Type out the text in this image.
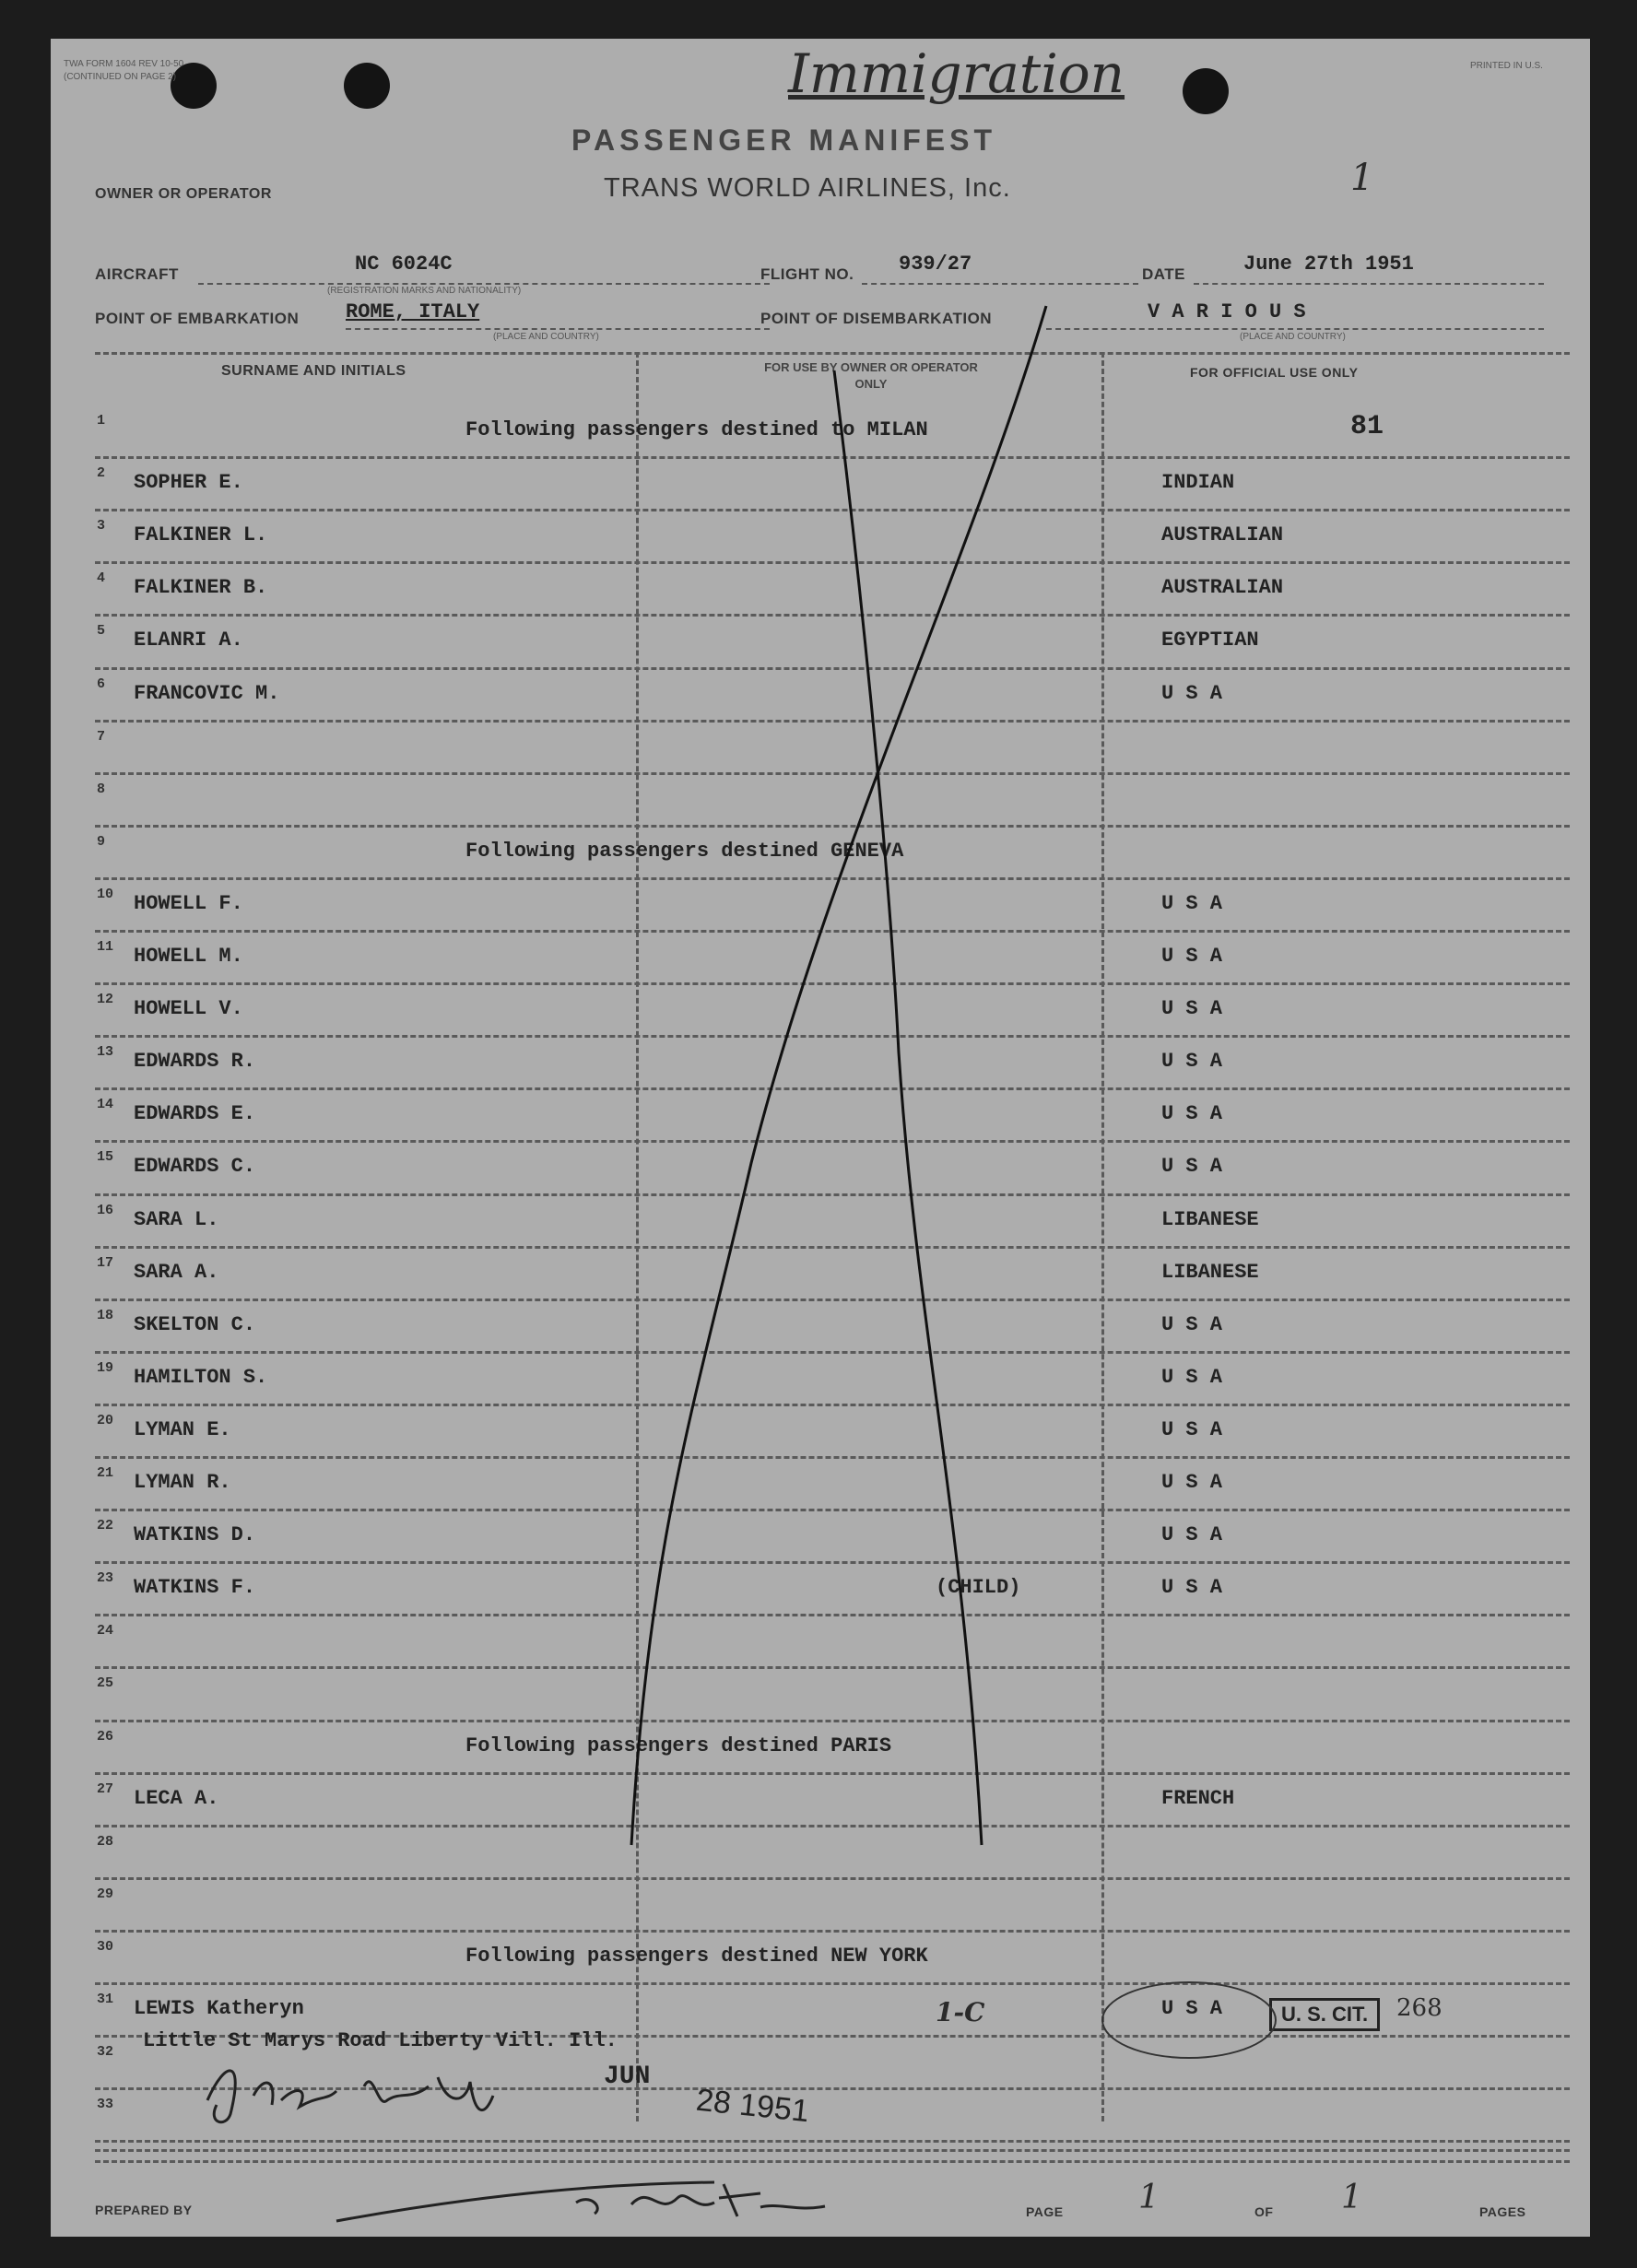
TWA FORM 1604 REV 10-50
(CONTINUED ON PAGE 2)
PRINTED IN U.S.
Immigration
PASSENGER MANIFEST
TRANS WORLD AIRLINES, Inc.
OWNER OR OPERATOR	1
AIRCRAFT	NC 6024C
(REGISTRATION MARKS AND NATIONALITY)
FLIGHT NO. 939/27	DATE	June 27th 1951
POINT OF EMBARKATION ROME, ITALY
(PLACE AND COUNTRY)
POINT OF DISEMBARKATION	V A R I O U S
(PLACE AND COUNTRY)
SURNAME AND INITIALS	FOR USE BY OWNER OR OPERATOR ONLY
FOR OFFICIAL USE ONLY
1	Following passengers destined to MILAN	81
2 SOPHER E.	INDIAN
3 FALKINER L.	AUSTRALIAN
4 FALKINER B.	AUSTRALIAN
5 ELANRI A.	EGYPTIAN
6 FRANCOVIC M.	U S A
7
8
9	Following passengers destined GENEVA
10 HOWELL F.	U S A
11 HOWELL M.	U S A
12 HOWELL V.	U S A
13 EDWARDS R.	U S A
14 EDWARDS E.	U S A
15 EDWARDS C.	U S A
16 SARA L.	LIBANESE
17 SARA A.	LIBANESE
18 SKELTON C.	U S A
19 HAMILTON S.	U S A
20 LYMAN E.	U S A
21 LYMAN R.	U S A
22 WATKINS D.	U S A
23 WATKINS F.	(CHILD)	U S A
24
25
26	Following passengers destined PARIS
27 LECA A.	FRENCH
28
29
30	Following passengers destined NEW YORK
31 LEWIS Katheryn	1-C	U S A
32
33
Little St Marys Road Liberty Vill. Ill.
U. S. CIT.	268
JUN
28 1951
PREPARED BY	PAGE 1	OF 1	PAGES
